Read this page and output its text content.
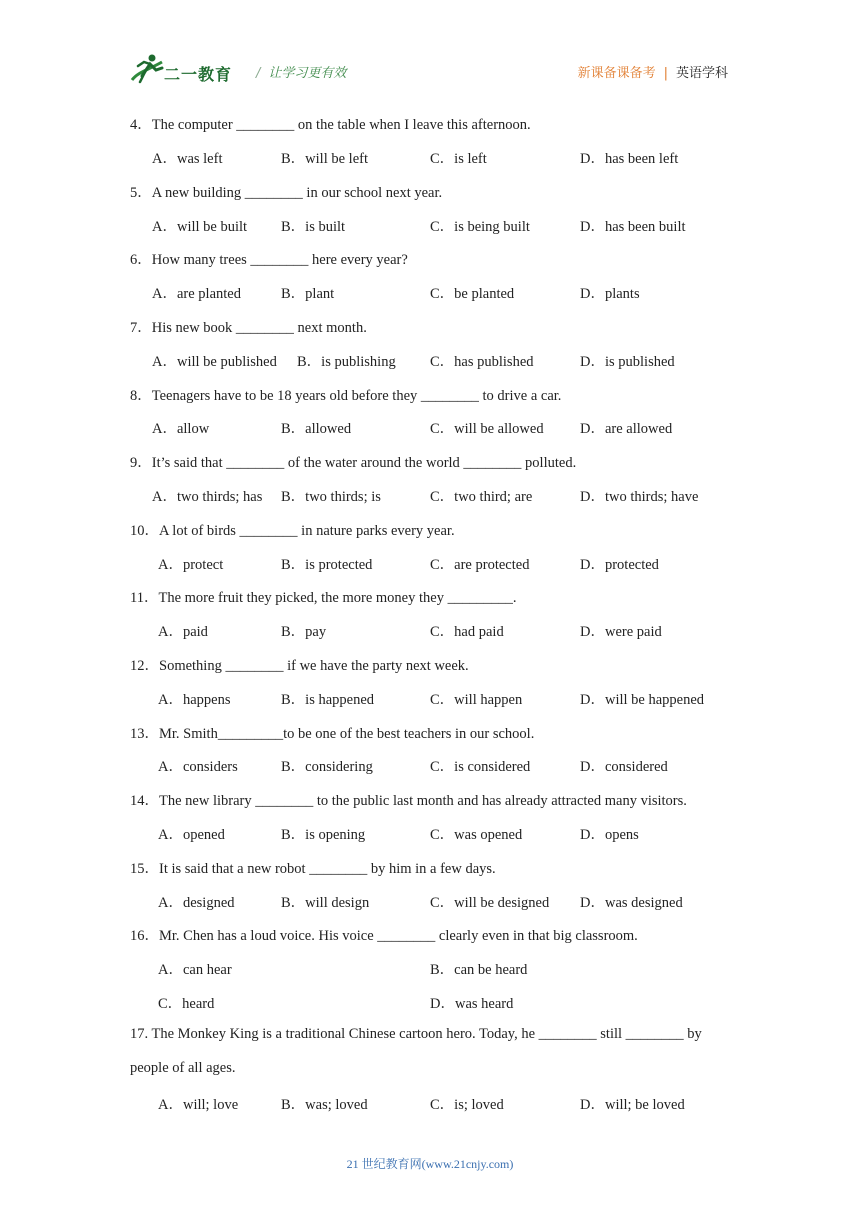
二一教育 / 让学习更有效	新课备课备考 | 英语学科
4．The computer ________ on the table when I leave this afternoon.
A．was left	B．will be left	C．is left	D．has been left
5．A new building ________ in our school next year.
A．will be built B．is built	C．is being built	D．has been built
6．How many trees ________ here every year?
A．are planted	B．plant	C．be planted	D．plants
7．His new book ________ next month.
A．will be published B．is publishing C．has published	D．is published
8．Teenagers have to be 18 years old before they ________ to drive a car.
A．allow	B．allowed	C．will be allowed	D．are allowed
9．It’s said that ________ of the water around the world ________ polluted.
A．two thirds; has B．two thirds; is	C．two third; are	D．two thirds; have
10．A lot of birds ________ in nature parks every year.
A．protect	B．is protected	C．are protected	D．protected
11．The more fruit they picked, the more money they _________.
A．paid	B．pay	C．had paid	D．were paid
12．Something ________ if we have the party next week.
A．happens	B．is happened	C．will happen	D．will be happened
13．Mr. Smith_________to be one of the best teachers in our school.
A．considers	B．considering	C．is considered	D．considered
14．The new library ________ to the public last month and has already attracted many visitors.
A．opened	B．is opening	C．was opened	D．opens
15．It is said that a new robot ________ by him in a few days.
A．designed	B．will design	C．will be designed D．was designed
16．Mr. Chen has a loud voice. His voice ________ clearly even in that big classroom.
A．can hear	B．can be heard
C．heard	D．was heard
17. The Monkey King is a traditional Chinese cartoon hero. Today, he ________ still ________ by
people of all ages.
A．will; love	B．was; loved	C．is; loved	D．will; be loved
21 世纪教育网(www.21cnjy.com)
